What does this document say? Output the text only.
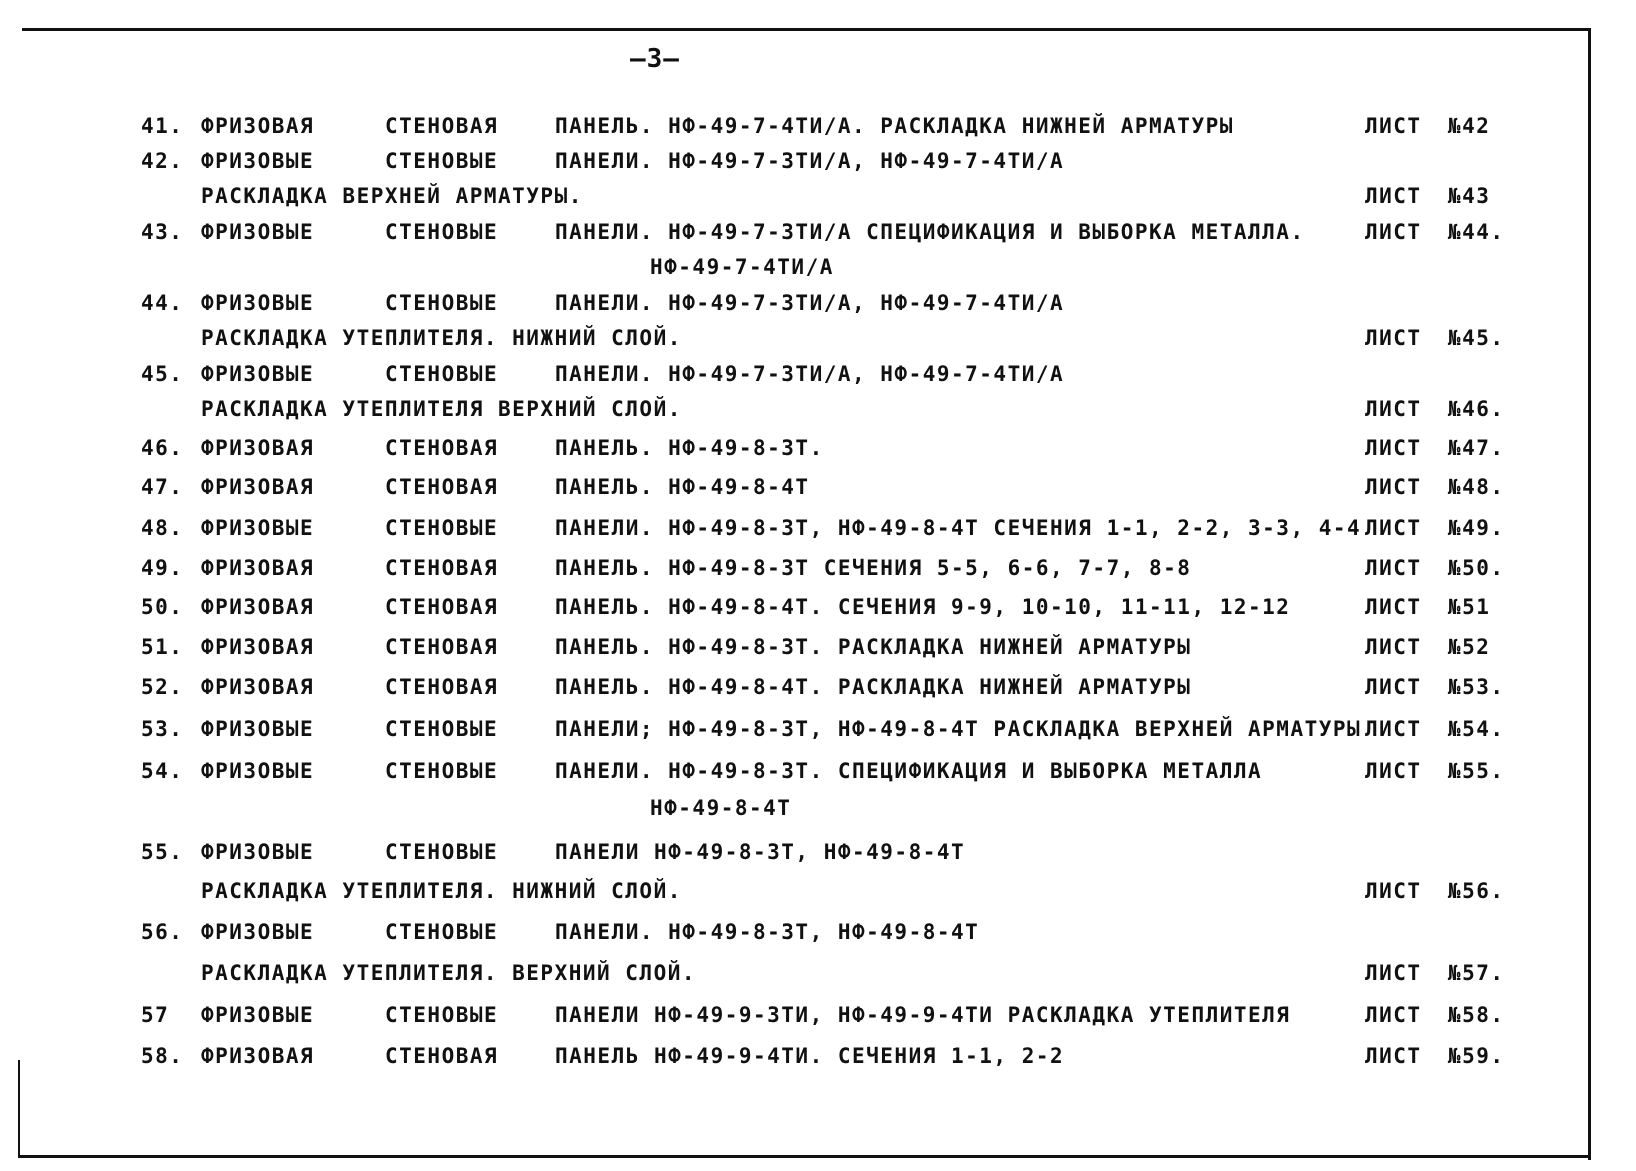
—3—
41. ФРИЗОВАЯ	СТЕНОВАЯ	ПАНЕЛЬ. НФ-49-7-4ТИ/А. РАСКЛАДКА НИЖНЕЙ АРМАТУРЫ	ЛИСТ №42
42. ФРИЗОВЫЕ	СТЕНОВЫЕ	ПАНЕЛИ. НФ-49-7-3ТИ/А, НФ-49-7-4ТИ/А
РАСКЛАДКА ВЕРХНЕЙ АРМАТУРЫ.	ЛИСТ №43
43. ФРИЗОВЫЕ	СТЕНОВЫЕ	ПАНЕЛИ. НФ-49-7-3ТИ/А СПЕЦИФИКАЦИЯ И ВЫБОРКА МЕТАЛЛА.	ЛИСТ №44.
НФ-49-7-4ТИ/А
44. ФРИЗОВЫЕ	СТЕНОВЫЕ	ПАНЕЛИ. НФ-49-7-3ТИ/А, НФ-49-7-4ТИ/А
РАСКЛАДКА УТЕПЛИТЕЛЯ. НИЖНИЙ СЛОЙ.	ЛИСТ №45.
45. ФРИЗОВЫЕ	СТЕНОВЫЕ	ПАНЕЛИ. НФ-49-7-3ТИ/А, НФ-49-7-4ТИ/А
РАСКЛАДКА УТЕПЛИТЕЛЯ ВЕРХНИЙ СЛОЙ.	ЛИСТ №46.
46. ФРИЗОВАЯ	СТЕНОВАЯ	ПАНЕЛЬ. НФ-49-8-3Т.	ЛИСТ №47.
47. ФРИЗОВАЯ	СТЕНОВАЯ	ПАНЕЛЬ. НФ-49-8-4Т	ЛИСТ №48.
48. ФРИЗОВЫЕ	СТЕНОВЫЕ	ПАНЕЛИ. НФ-49-8-3Т, НФ-49-8-4Т СЕЧЕНИЯ 1-1, 2-2, 3-3, 4-4 ЛИСТ №49.
49. ФРИЗОВАЯ	СТЕНОВАЯ	ПАНЕЛЬ. НФ-49-8-3Т СЕЧЕНИЯ 5-5, 6-6, 7-7, 8-8	ЛИСТ №50.
50. ФРИЗОВАЯ	СТЕНОВАЯ	ПАНЕЛЬ. НФ-49-8-4Т. СЕЧЕНИЯ 9-9, 10-10, 11-11, 12-12	ЛИСТ №51
51. ФРИЗОВАЯ	СТЕНОВАЯ	ПАНЕЛЬ. НФ-49-8-3Т. РАСКЛАДКА НИЖНЕЙ АРМАТУРЫ	ЛИСТ №52
52. ФРИЗОВАЯ	СТЕНОВАЯ	ПАНЕЛЬ. НФ-49-8-4Т. РАСКЛАДКА НИЖНЕЙ АРМАТУРЫ	ЛИСТ №53.
53. ФРИЗОВЫЕ	СТЕНОВЫЕ	ПАНЕЛИ; НФ-49-8-3Т, НФ-49-8-4Т РАСКЛАДКА ВЕРХНЕЙ АРМАТУРЫ ЛИСТ №54.
54. ФРИЗОВЫЕ	СТЕНОВЫЕ	ПАНЕЛИ. НФ-49-8-3Т. СПЕЦИФИКАЦИЯ И ВЫБОРКА МЕТАЛЛА	ЛИСТ №55.
НФ-49-8-4Т
55. ФРИЗОВЫЕ	СТЕНОВЫЕ	ПАНЕЛИ НФ-49-8-3Т, НФ-49-8-4Т
РАСКЛАДКА УТЕПЛИТЕЛЯ. НИЖНИЙ СЛОЙ.	ЛИСТ №56.
56. ФРИЗОВЫЕ	СТЕНОВЫЕ	ПАНЕЛИ. НФ-49-8-3Т, НФ-49-8-4Т
РАСКЛАДКА УТЕПЛИТЕЛЯ. ВЕРХНИЙ СЛОЙ.	ЛИСТ №57.
57 ФРИЗОВЫЕ	СТЕНОВЫЕ	ПАНЕЛИ НФ-49-9-3ТИ, НФ-49-9-4ТИ РАСКЛАДКА УТЕПЛИТЕЛЯ	ЛИСТ №58.
58. ФРИЗОВАЯ	СТЕНОВАЯ	ПАНЕЛЬ НФ-49-9-4ТИ. СЕЧЕНИЯ 1-1, 2-2	ЛИСТ №59.
